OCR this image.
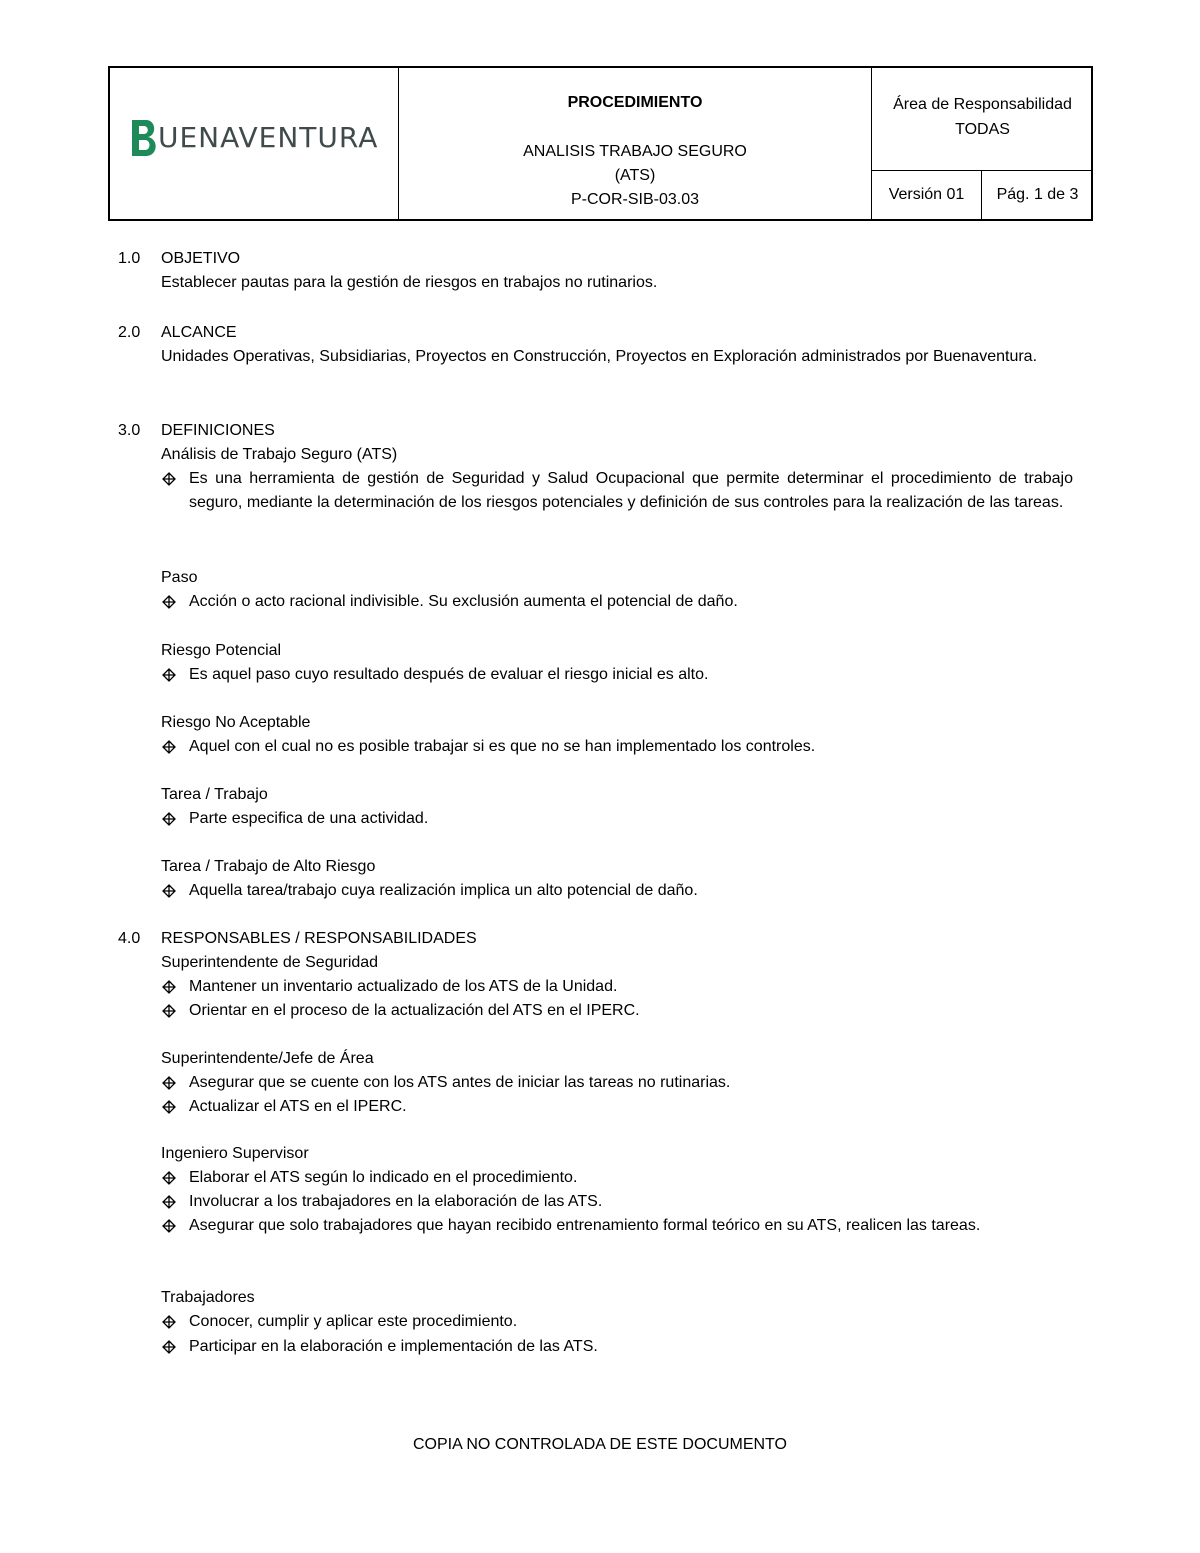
UENAVENTURA
PROCEDIMIENTO
ANALISIS TRABAJO SEGURO
(ATS)
P-COR-SIB-03.03
Área de Responsabilidad
TODAS
Versión 01	Pág. 1 de 3
1.0 OBJETIVO
Establecer pautas para la gestión de riesgos en trabajos no rutinarios.
2.0 ALCANCE
Unidades Operativas, Subsidiarias, Proyectos en Construcción, Proyectos en Exploración administrados por Buenaventura.
3.0 DEFINICIONES
Análisis de Trabajo Seguro (ATS)
Es una herramienta de gestión de Seguridad y Salud Ocupacional que permite determinar el procedimiento de trabajo seguro, mediante la determinación de los riesgos potenciales y definición de sus controles para la realización de las tareas.
Paso
Acción o acto racional indivisible. Su exclusión aumenta el potencial de daño.
Riesgo Potencial
Es aquel paso cuyo resultado después de evaluar el riesgo inicial es alto.
Riesgo No Aceptable
Aquel con el cual no es posible trabajar si es que no se han implementado los controles.
Tarea / Trabajo
Parte especifica de una actividad.
Tarea / Trabajo de Alto Riesgo
Aquella tarea/trabajo cuya realización implica un alto potencial de daño.
4.0 RESPONSABLES / RESPONSABILIDADES
Superintendente de Seguridad
Mantener un inventario actualizado de los ATS de la Unidad.
Orientar en el proceso de la actualización del ATS en el IPERC.
Superintendente/Jefe de Área
Asegurar que se cuente con los ATS antes de iniciar las tareas no rutinarias.
Actualizar el ATS en el IPERC.
Ingeniero Supervisor
Elaborar el ATS según lo indicado en el procedimiento.
Involucrar a los trabajadores en la elaboración de las ATS.
Asegurar que solo trabajadores que hayan recibido entrenamiento formal teórico en su ATS, realicen las tareas.
Trabajadores
Conocer, cumplir y aplicar este procedimiento.
Participar en la elaboración e implementación de las ATS.
COPIA NO CONTROLADA DE ESTE DOCUMENTO
